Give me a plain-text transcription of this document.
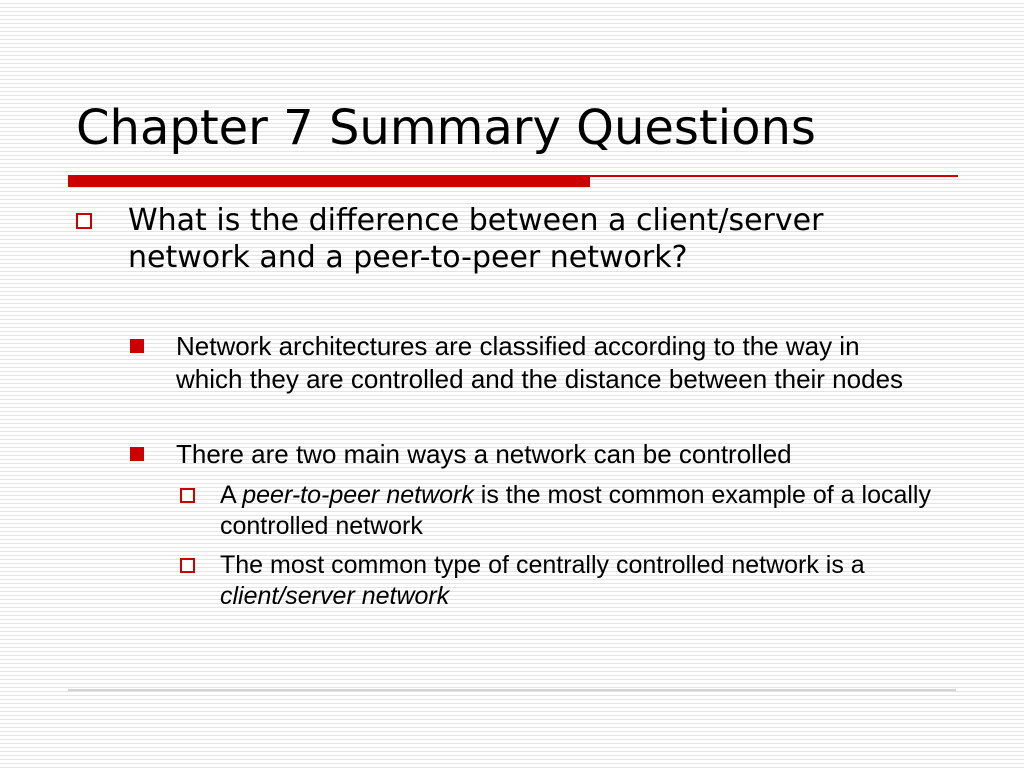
Chapter 7 Summary Questions
What is the difference between a client/server network and a peer-to-peer network?
Network architectures are classified according to the way in which they are controlled and the distance between their nodes
There are two main ways a network can be controlled
A peer-to-peer network is the most common example of a locally controlled network
The most common type of centrally controlled network is a client/server network
